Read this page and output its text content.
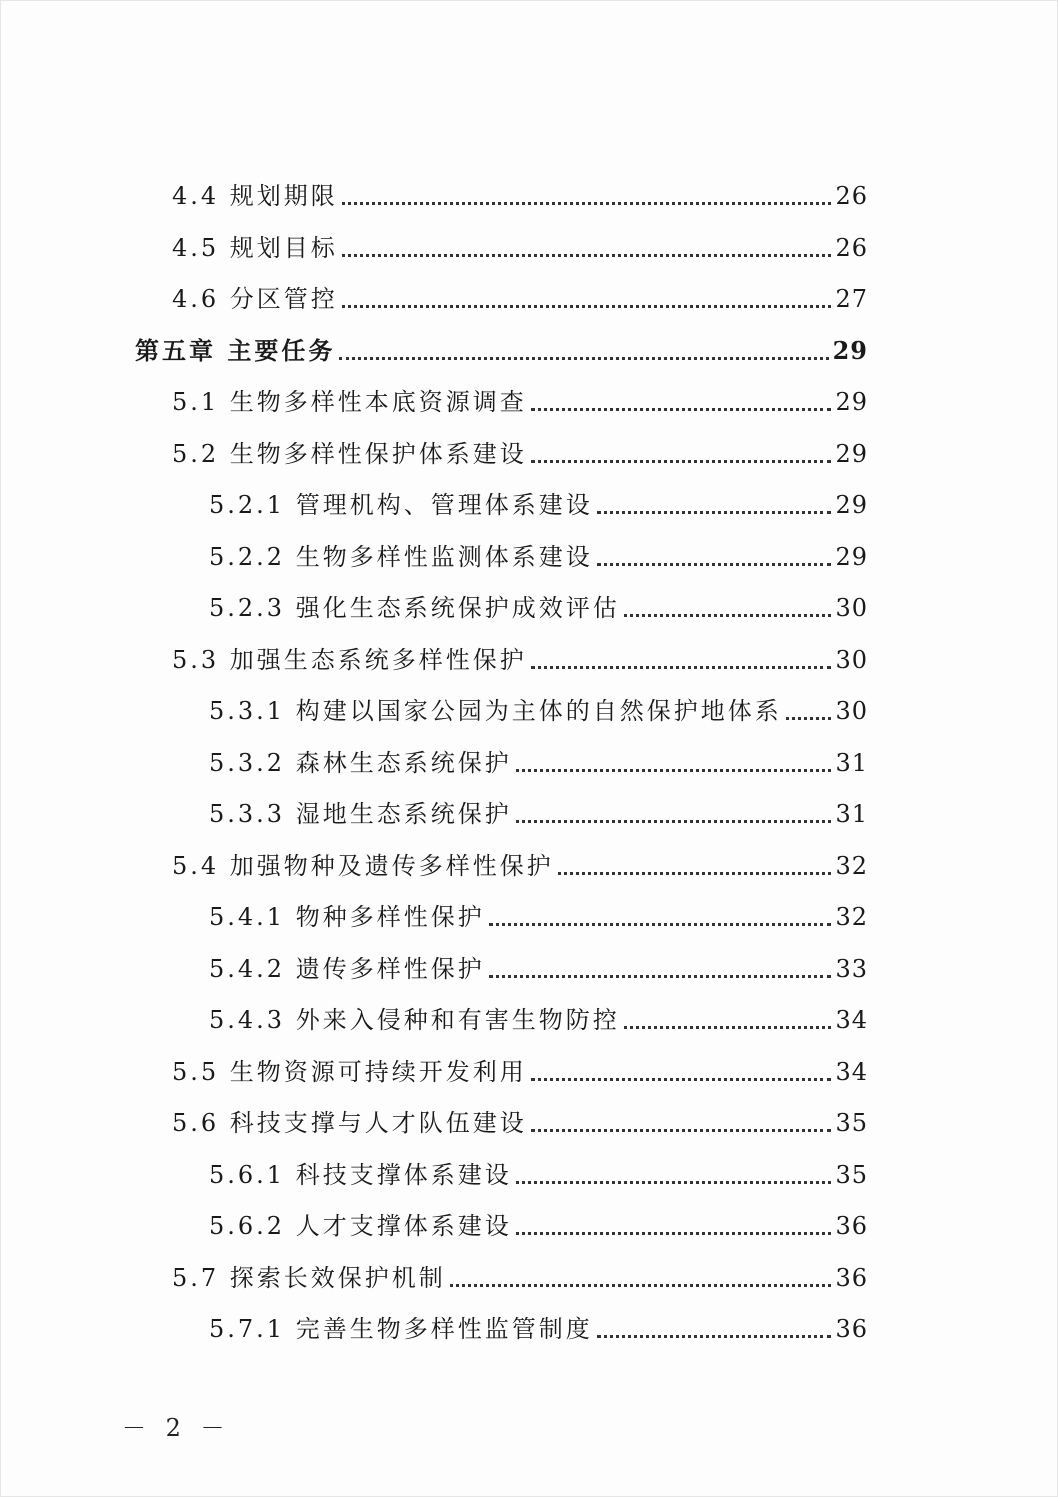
4.4 规划期限	26
4.5 规划目标	26
4.6 分区管控	27
第五章 主要任务	29
5.1 生物多样性本底资源调查	29
5.2 生物多样性保护体系建设	29
5.2.1 管理机构、管理体系建设	29
5.2.2 生物多样性监测体系建设	29
5.2.3 强化生态系统保护成效评估	30
5.3 加强生态系统多样性保护	30
5.3.1 构建以国家公园为主体的自然保护地体系 30
5.3.2 森林生态系统保护	31
5.3.3 湿地生态系统保护	31
5.4 加强物种及遗传多样性保护	32
5.4.1 物种多样性保护	32
5.4.2 遗传多样性保护	33
5.4.3 外来入侵种和有害生物防控	34
5.5 生物资源可持续开发利用	34
5.6 科技支撑与人才队伍建设	35
5.6.1 科技支撑体系建设	35
5.6.2 人才支撑体系建设	36
5.7 探索长效保护机制	36
5.7.1 完善生物多样性监管制度	36
－ 2 －
